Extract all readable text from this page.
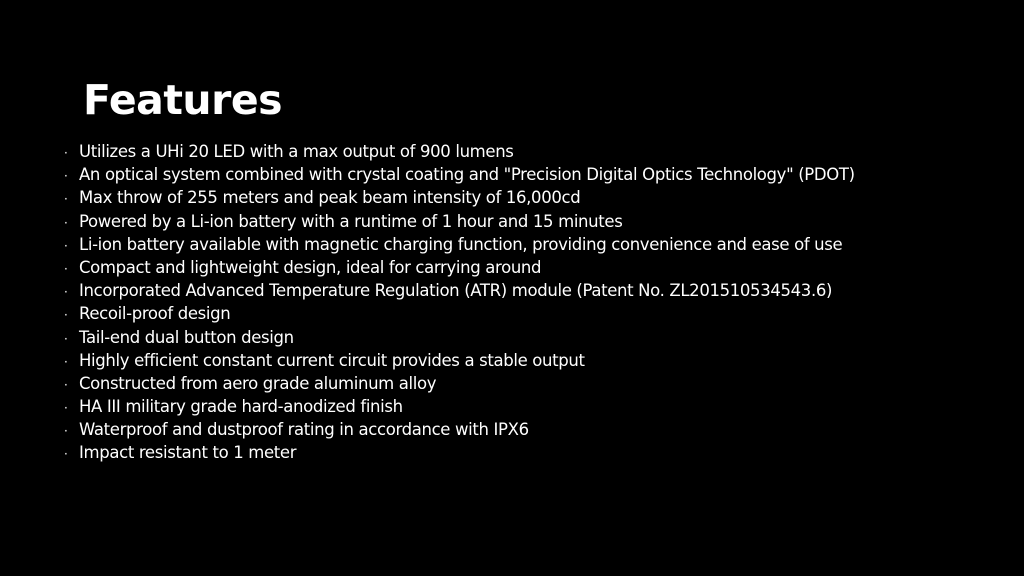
Features
· Utilizes a UHi 20 LED with a max output of 900 lumens
· An optical system combined with crystal coating and "Precision Digital Optics Technology" (PDOT)
· Max throw of 255 meters and peak beam intensity of 16,000cd
· Powered by a Li-ion battery with a runtime of 1 hour and 15 minutes
· Li-ion battery available with magnetic charging function, providing convenience and ease of use
· Compact and lightweight design, ideal for carrying around
· Incorporated Advanced Temperature Regulation (ATR) module (Patent No. ZL201510534543.6)
· Recoil-proof design
· Tail-end dual button design
· Highly efficient constant current circuit provides a stable output
· Constructed from aero grade aluminum alloy
· HA III military grade hard-anodized finish
· Waterproof and dustproof rating in accordance with IPX6
· Impact resistant to 1 meter
